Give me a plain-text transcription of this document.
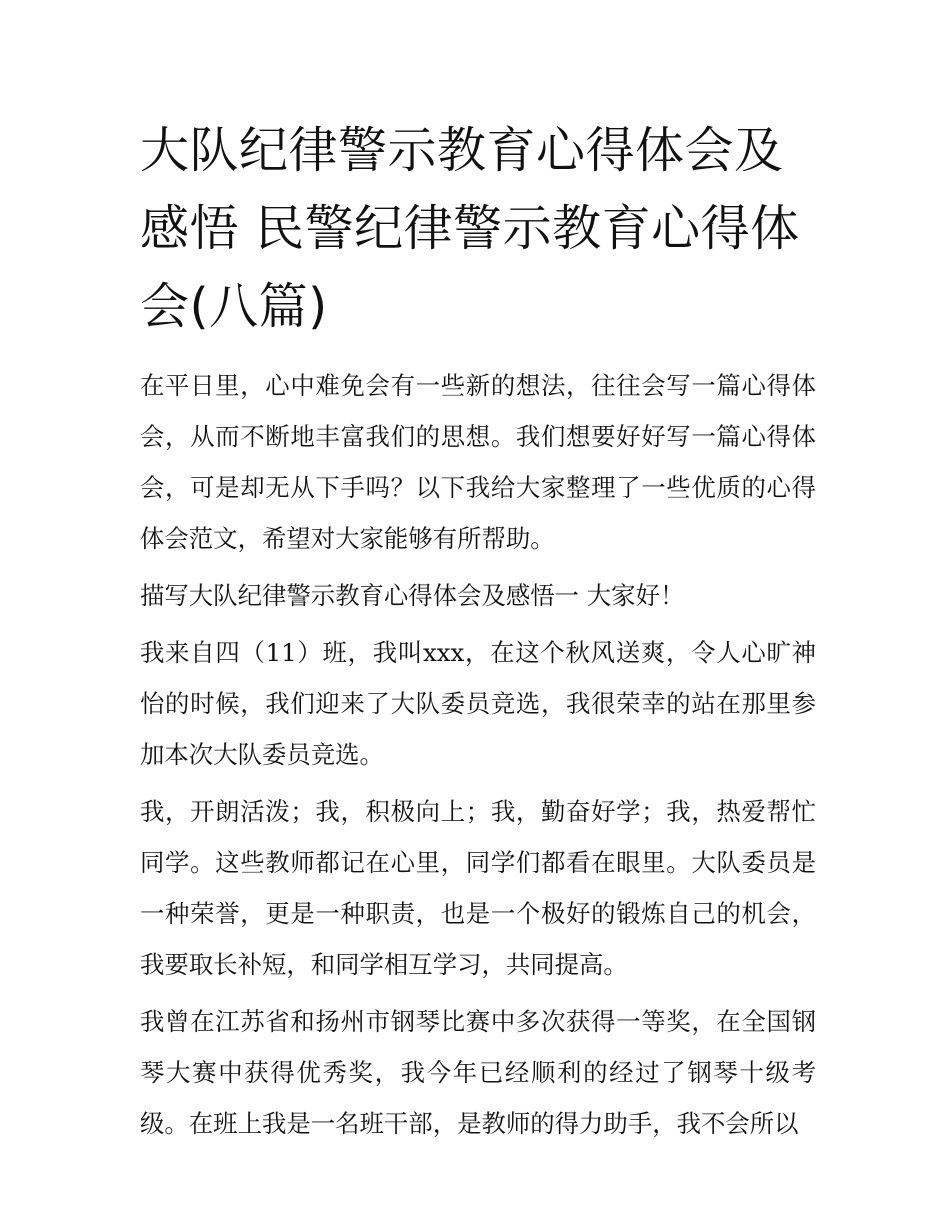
大队纪律警示教育心得体会及感悟 民警纪律警示教育心得体会(八篇)

在平日里，心中难免会有一些新的想法，往往会写一篇心得体会，从而不断地丰富我们的思想。我们想要好好写一篇心得体会，可是却无从下手吗？以下我给大家整理了一些优质的心得体会范文，希望对大家能够有所帮助。

描写大队纪律警示教育心得体会及感悟一 大家好！

我来自四（11）班，我叫xxx，在这个秋风送爽，令人心旷神怡的时候，我们迎来了大队委员竞选，我很荣幸的站在那里参加本次大队委员竞选。

我，开朗活泼；我，积极向上；我，勤奋好学；我，热爱帮忙同学。这些教师都记在心里，同学们都看在眼里。大队委员是一种荣誉，更是一种职责，也是一个极好的锻炼自己的机会，我要取长补短，和同学相互学习，共同提高。

我曾在江苏省和扬州市钢琴比赛中多次获得一等奖，在全国钢琴大赛中获得优秀奖，我今年已经顺利的经过了钢琴十级考级。在班上我是一名班干部，是教师的得力助手，我不会所以
